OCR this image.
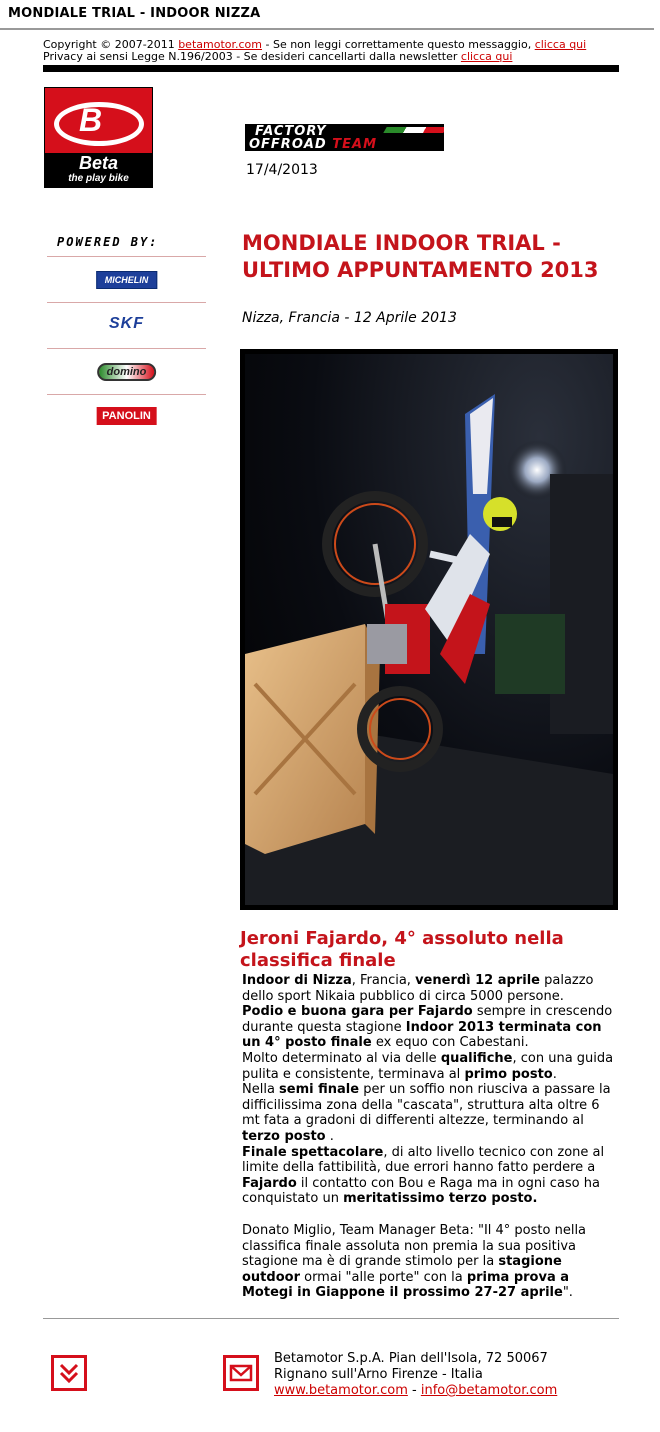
MONDIALE TRIAL - INDOOR NIZZA
Copyright © 2007-2011 betamotor.com - Se non leggi correttamente questo messaggio, clicca qui
Privacy ai sensi Legge N.196/2003 - Se desideri cancellarti dalla newsletter clicca qui
B
Beta
the play bike
FACTORY
OFFROAD TEAM
17/4/2013
POWERED BY:
MICHELIN
SKF
domino
PANOLIN
MONDIALE INDOOR TRIAL - ULTIMO APPUNTAMENTO 2013
Nizza, Francia - 12 Aprile 2013
Jeroni Fajardo, 4° assoluto nella classifica finale

Indoor di Nizza, Francia, venerdì 12 aprile palazzo dello sport Nikaia pubblico di circa 5000 persone.

Podio e buona gara per Fajardo sempre in crescendo durante questa stagione Indoor 2013 terminata con un 4° posto finale ex equo con Cabestani.

Molto determinato al via delle qualifiche, con una guida pulita e consistente, terminava al primo posto.

Nella semi finale per un soffio non riusciva a passare la difficilissima zona della "cascata", struttura alta oltre 6 mt fata a gradoni di differenti altezze, terminando al terzo posto .

Finale spettacolare, di alto livello tecnico con zone al limite della fattibilità, due errori hanno fatto perdere a Fajardo il contatto con Bou e Raga ma in ogni caso ha conquistato un meritatissimo terzo posto.

Donato Miglio, Team Manager Beta: "Il 4° posto nella classifica finale assoluta non premia la sua positiva stagione ma è di grande stimolo per la stagione outdoor ormai "alle porte" con la prima prova a Motegi in Giappone il prossimo 27-27 aprile".

Betamotor S.p.A. Pian dell'Isola, 72 50067
Rignano sull'Arno Firenze - Italia
www.betamotor.com - info@betamotor.com
